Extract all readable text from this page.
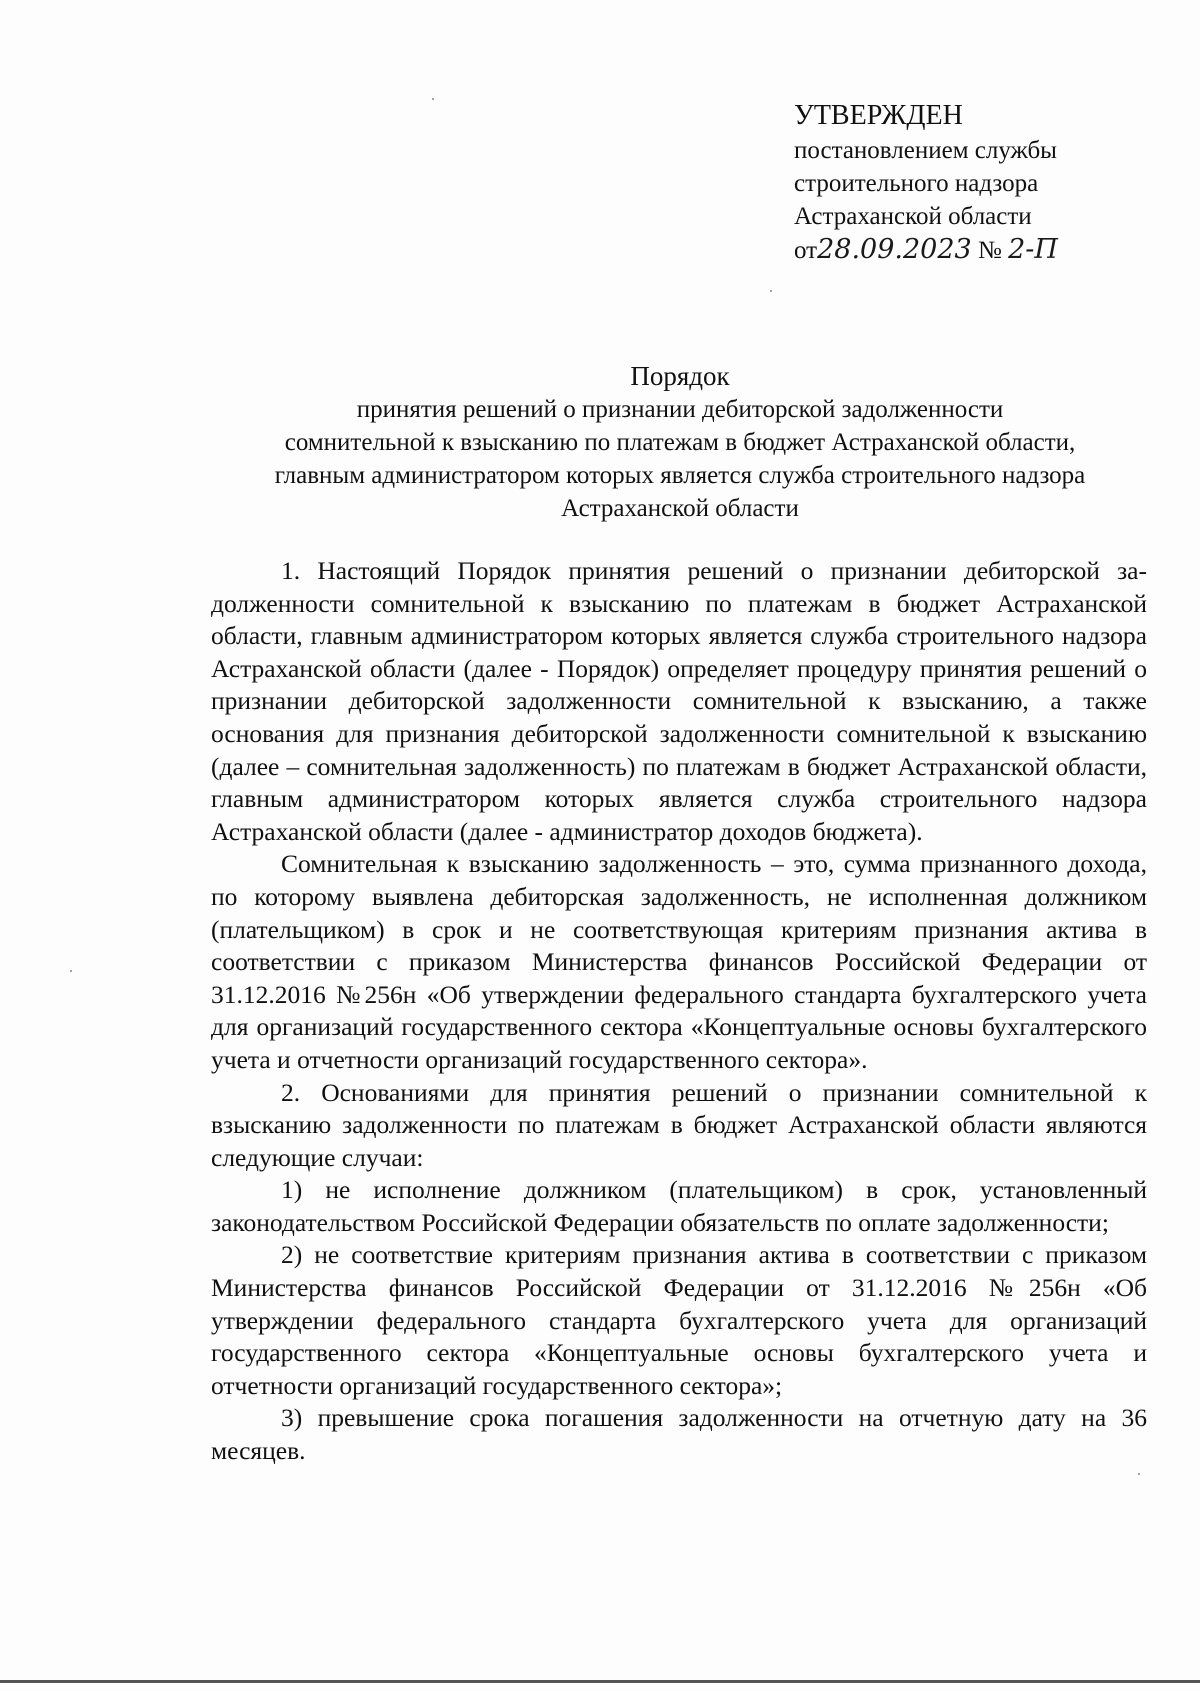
УТВЕРЖДЕН
постановлением службы
строительного надзора
Астраханской области
от28.09.2023 № 2-П
Порядок
принятия решений о признании дебиторской задолженности
сомнительной к взысканию по платежам в бюджет Астраханской области,
главным администратором которых является служба строительного надзора
Астраханской области

1. Настоящий Порядок принятия решений о признании дебиторской задолженности сомнительной к взысканию по платежам в бюджет Астраханской области, главным администратором которых является служба строительного надзора Астраханской области (далее - Порядок) определяет процедуру принятия решений о признании дебиторской задолженности сомнительной к взысканию, а также основания для признания дебиторской задолженности сомнительной к взысканию (далее – сомнительная задолженность) по платежам в бюджет Астраханской области, главным администратором которых является служба строительного надзора Астраханской области (далее - администратор доходов бюджета).

Сомнительная к взысканию задолженность – это, сумма признанного дохода, по которому выявлена дебиторская задолженность, не исполненная должником (плательщиком) в срок и не соответствующая критериям признания актива в соответствии с приказом Министерства финансов Российской Федерации от 31.12.2016 №256н «Об утверждении федерального стандарта бухгалтерского учета для организаций государственного сектора «Концептуальные основы бухгалтерского учета и отчетности организаций государственного сектора».

2. Основаниями для принятия решений о признании сомнительной к взысканию задолженности по платежам в бюджет Астраханской области являются следующие случаи:

1) не исполнение должником (плательщиком) в срок, установленный законодательством Российской Федерации обязательств по оплате задолженности;

2) не соответствие критериям признания актива в соответствии с приказом Министерства финансов Российской Федерации от 31.12.2016 №256н «Об утверждении федерального стандарта бухгалтерского учета для организаций государственного сектора «Концептуальные основы бухгалтерского учета и отчетности организаций государственного сектора»;

3) превышение срока погашения задолженности на отчетную дату на 36 месяцев.
